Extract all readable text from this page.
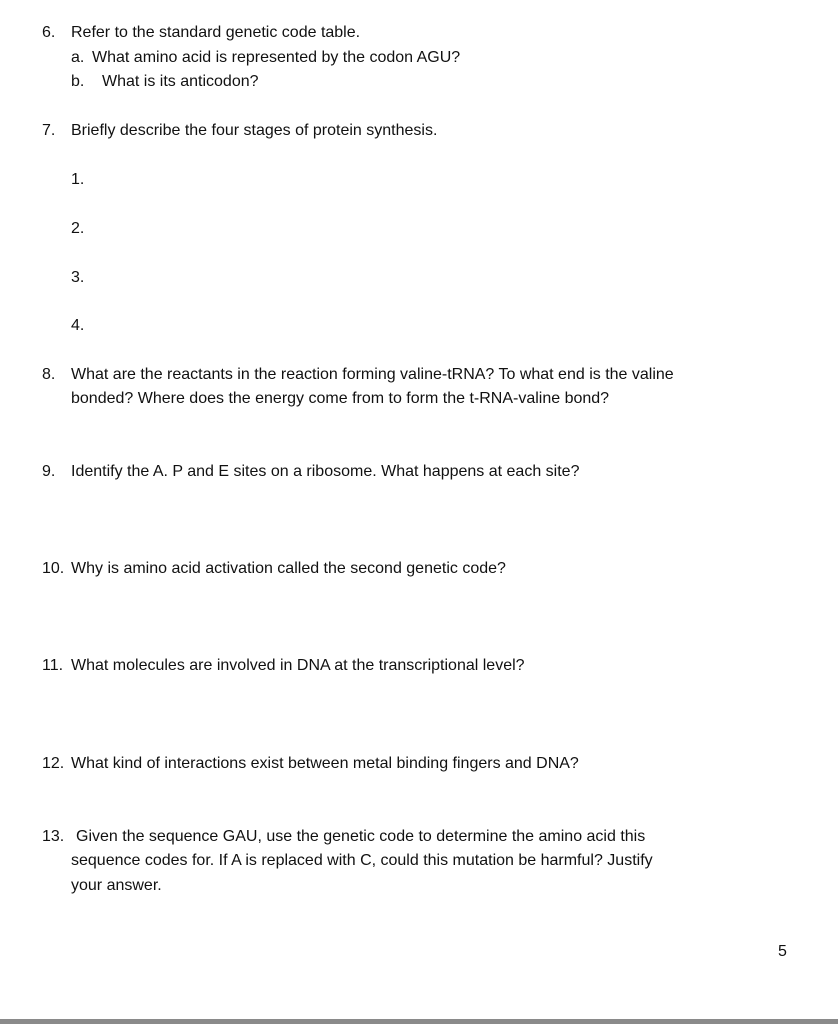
6. Refer to the standard genetic code table.
a. What amino acid is represented by the codon AGU?
b. What is its anticodon?
7. Briefly describe the four stages of protein synthesis.
1.
2.
3.
4.
8. What are the reactants in the reaction forming valine-tRNA? To what end is the valine
bonded? Where does the energy come from to form the t-RNA-valine bond?
9. Identify the A. P and E sites on a ribosome. What happens at each site?
10. Why is amino acid activation called the second genetic code?
11. What molecules are involved in DNA at the transcriptional level?
12. What kind of interactions exist between metal binding fingers and DNA?
13. Given the sequence GAU, use the genetic code to determine the amino acid this
sequence codes for. If A is replaced with C, could this mutation be harmful? Justify
your answer.
5
